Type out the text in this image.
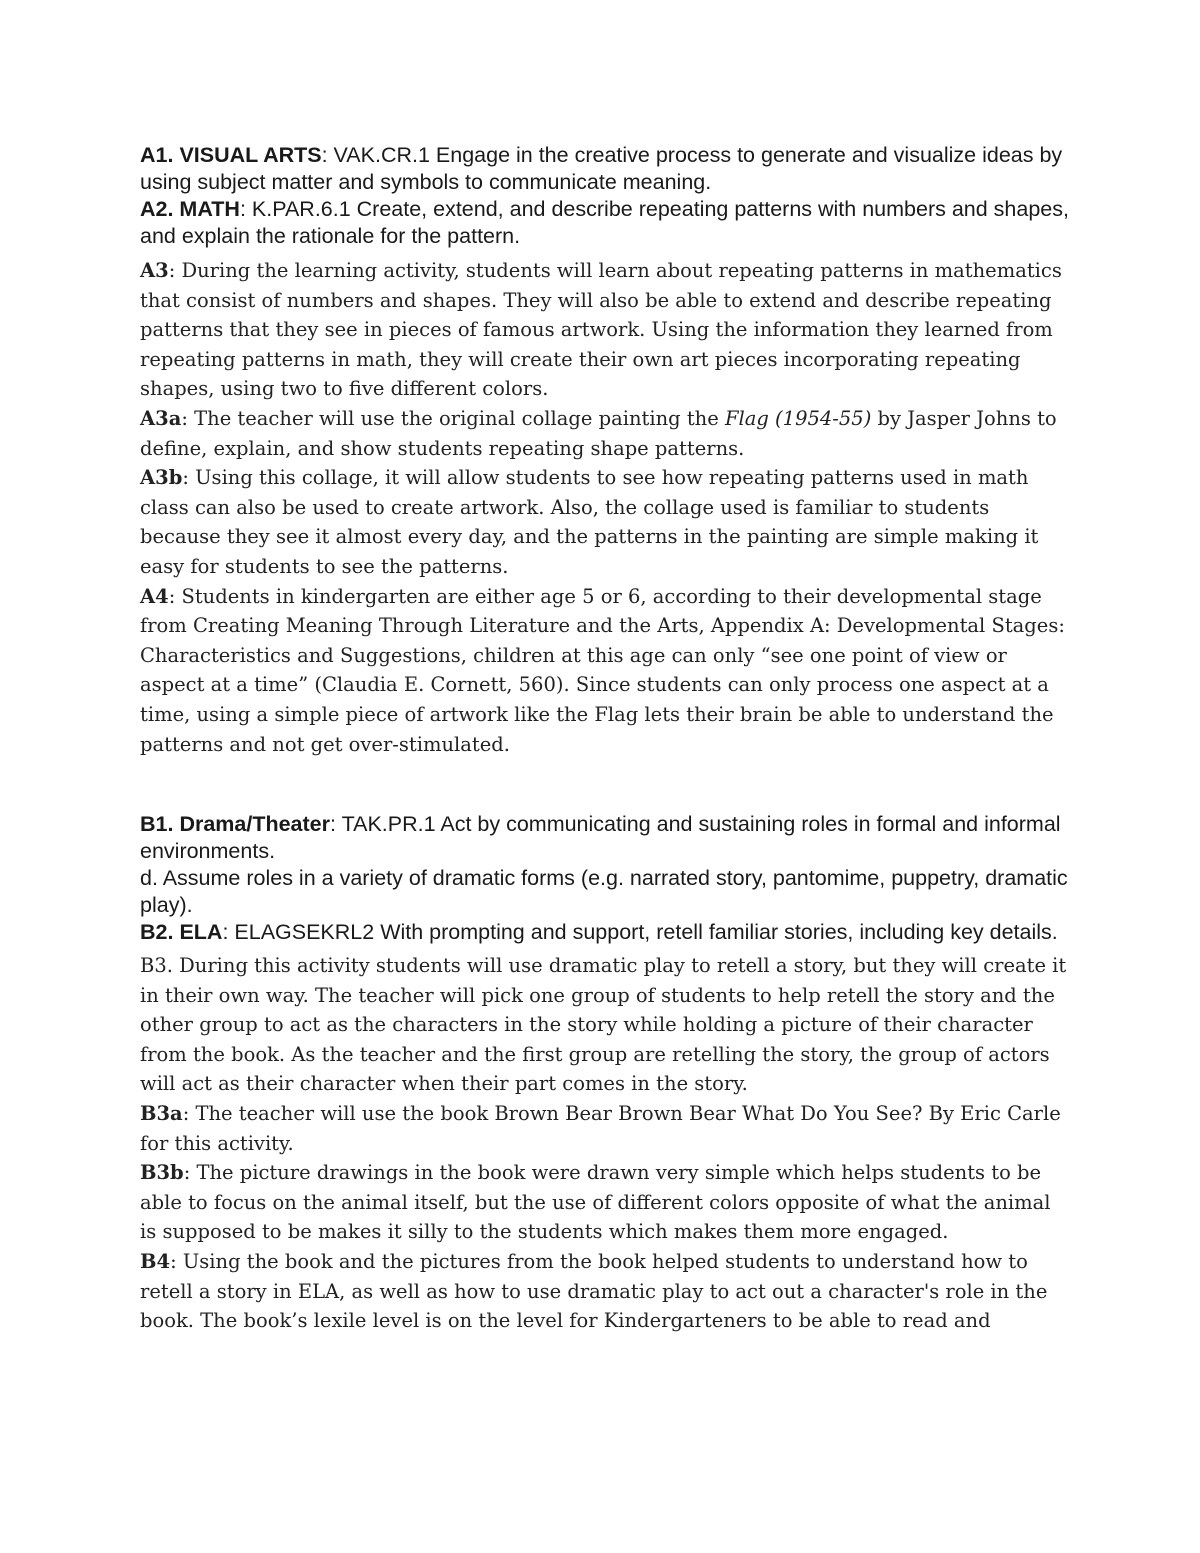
A1. VISUAL ARTS: VAK.CR.1 Engage in the creative process to generate and visualize ideas by using subject matter and symbols to communicate meaning.

A2. MATH: K.PAR.6.1 Create, extend, and describe repeating patterns with numbers and shapes, and explain the rationale for the pattern.

A3: During the learning activity, students will learn about repeating patterns in mathematics that consist of numbers and shapes. They will also be able to extend and describe repeating patterns that they see in pieces of famous artwork. Using the information they learned from repeating patterns in math, they will create their own art pieces incorporating repeating shapes, using two to five different colors.

A3a: The teacher will use the original collage painting the Flag (1954-55) by Jasper Johns to define, explain, and show students repeating shape patterns.

A3b: Using this collage, it will allow students to see how repeating patterns used in math class can also be used to create artwork. Also, the collage used is familiar to students because they see it almost every day, and the patterns in the painting are simple making it easy for students to see the patterns.

A4: Students in kindergarten are either age 5 or 6, according to their developmental stage from Creating Meaning Through Literature and the Arts, Appendix A: Developmental Stages: Characteristics and Suggestions, children at this age can only “see one point of view or aspect at a time” (Claudia E. Cornett, 560). Since students can only process one aspect at a time, using a simple piece of artwork like the Flag lets their brain be able to understand the patterns and not get over-stimulated.

B1. Drama/Theater: TAK.PR.1 Act by communicating and sustaining roles in formal and informal environments.

d. Assume roles in a variety of dramatic forms (e.g. narrated story, pantomime, puppetry, dramatic play).

B2. ELA: ELAGSEKRL2 With prompting and support, retell familiar stories, including key details.

B3. During this activity students will use dramatic play to retell a story, but they will create it in their own way. The teacher will pick one group of students to help retell the story and the other group to act as the characters in the story while holding a picture of their character from the book. As the teacher and the first group are retelling the story, the group of actors will act as their character when their part comes in the story.

B3a: The teacher will use the book Brown Bear Brown Bear What Do You See? By Eric Carle for this activity.

B3b: The picture drawings in the book were drawn very simple which helps students to be able to focus on the animal itself, but the use of different colors opposite of what the animal is supposed to be makes it silly to the students which makes them more engaged.

B4: Using the book and the pictures from the book helped students to understand how to retell a story in ELA, as well as how to use dramatic play to act out a character's role in the book. The book’s lexile level is on the level for Kindergarteners to be able to read and
